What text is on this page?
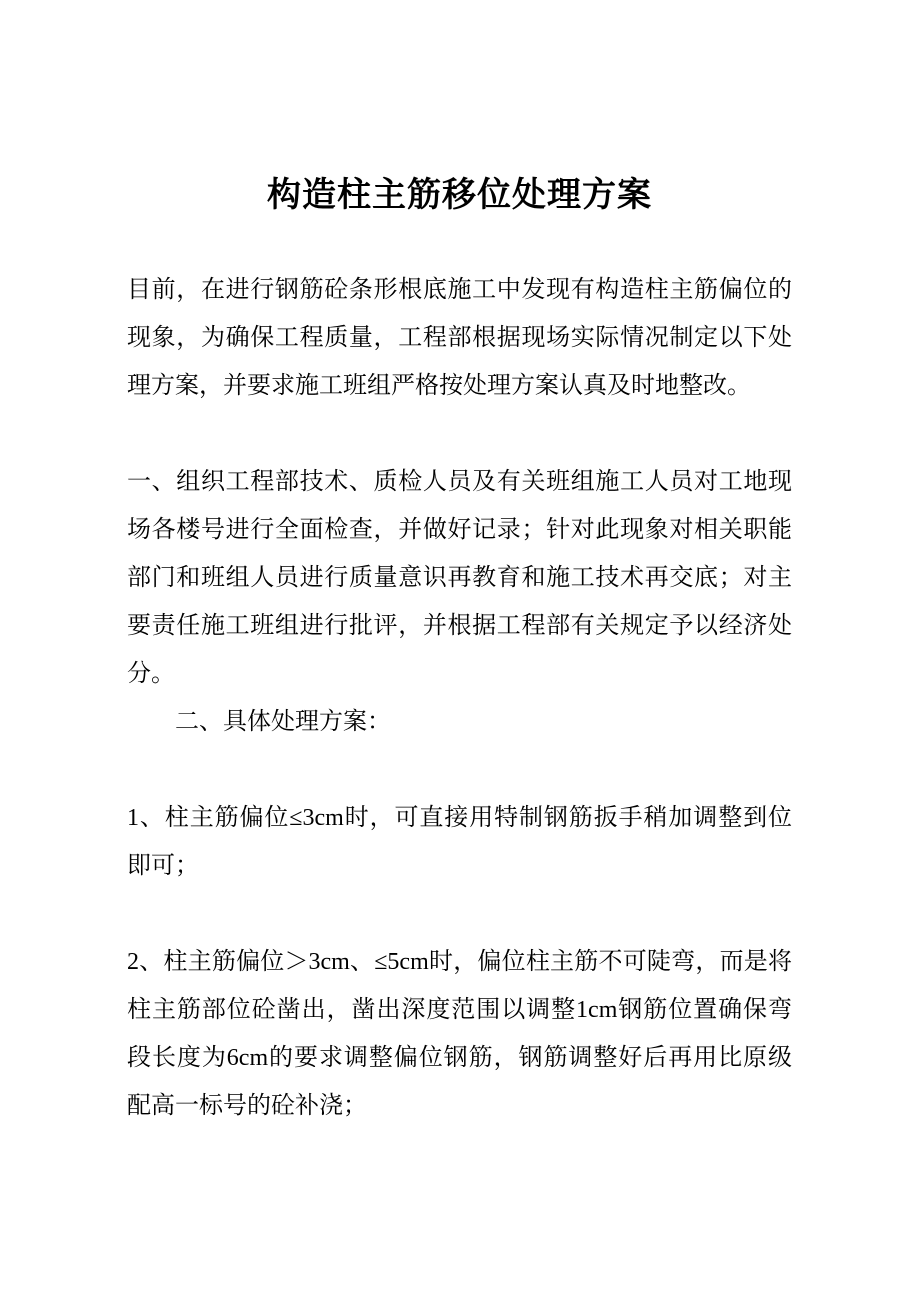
构造柱主筋移位处理方案

目前，在进行钢筋砼条形根底施工中发现有构造柱主筋偏位的现象，为确保工程质量，工程部根据现场实际情况制定以下处理方案，并要求施工班组严格按处理方案认真及时地整改。

一、组织工程部技术、质检人员及有关班组施工人员对工地现场各楼号进行全面检查，并做好记录；针对此现象对相关职能部门和班组人员进行质量意识再教育和施工技术再交底；对主要责任施工班组进行批评，并根据工程部有关规定予以经济处分。

二、具体处理方案：

1、柱主筋偏位≤3cm时，可直接用特制钢筋扳手稍加调整到位即可；

2、柱主筋偏位＞3cm、≤5cm时，偏位柱主筋不可陡弯，而是将柱主筋部位砼凿出，凿出深度范围以调整1cm钢筋位置确保弯段长度为6cm的要求调整偏位钢筋，钢筋调整好后再用比原级配高一标号的砼补浇；
